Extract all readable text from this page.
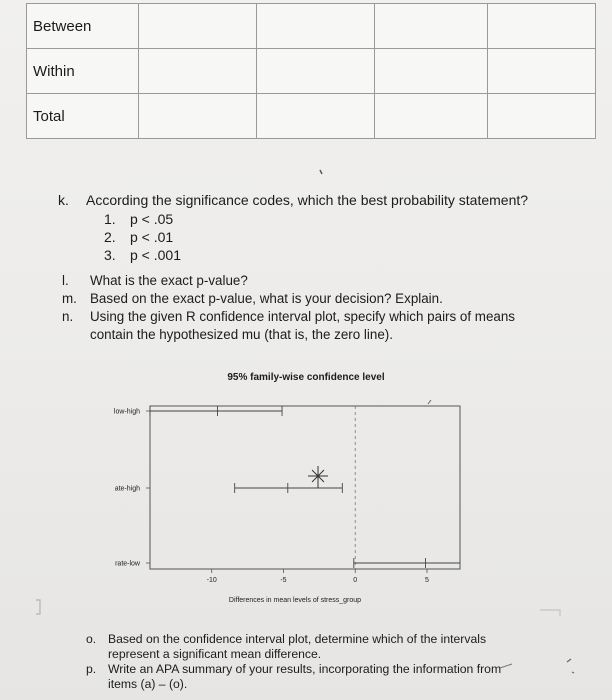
Between				
Within				
Total				
k. According the significance codes, which the best probability statement?
1. p < .05
2. p < .01
3. p < .001
l.	What is the exact p-value?
m. Based on the exact p-value, what is your decision? Explain.
n.	Using the given R confidence interval plot, specify which pairs of means
contain the hypothesized mu (that is, the zero line).
95% family-wise confidence level
-10	-5	0	5
Differences in mean levels of stress_group
low-high
ate-high
rate-low
o. Based on the confidence interval plot, determine which of the intervals
represent a significant mean difference.
p. Write an APA summary of your results, incorporating the information from
items (a) – (o).
